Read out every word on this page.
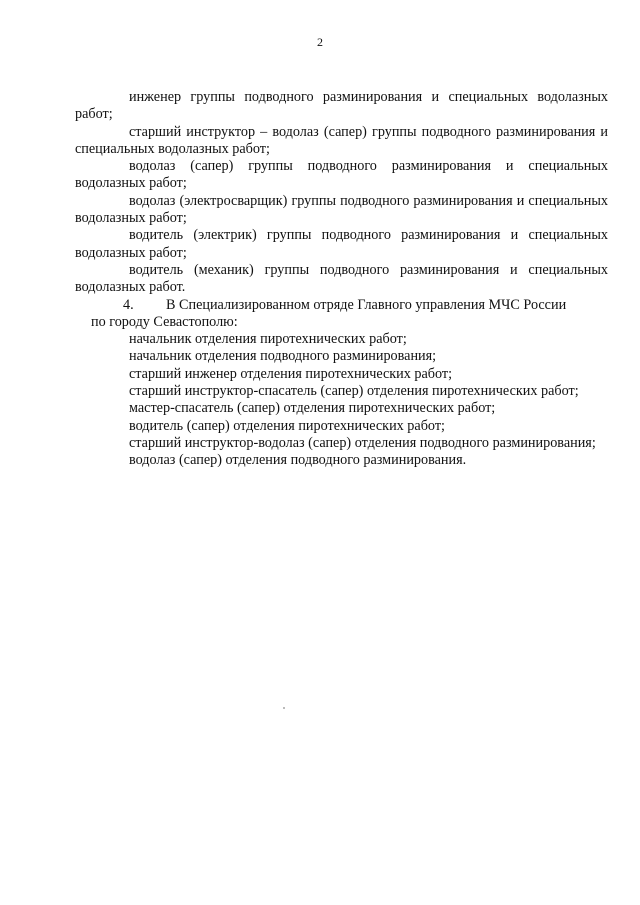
2

инженер группы подводного разминирования и специальных водолазных работ;

старший инструктор – водолаз (сапер) группы подводного разминирования и специальных водолазных работ;

водолаз (сапер) группы подводного разминирования и специальных водолазных работ;

водолаз (электросварщик) группы подводного разминирования и специальных водолазных работ;

водитель (электрик) группы подводного разминирования и специальных водолазных работ;

водитель (механик) группы подводного разминирования и специальных водолазных работ.

4. В Специализированном отряде Главного управления МЧС России
по городу Севастополю:

начальник отделения пиротехнических работ;

начальник отделения подводного разминирования;

старший инженер отделения пиротехнических работ;

старший инструктор-спасатель (сапер) отделения пиротехнических работ;

мастер-спасатель (сапер) отделения пиротехнических работ;

водитель (сапер) отделения пиротехнических работ;

старший инструктор-водолаз (сапер) отделения подводного разминирования;

водолаз (сапер) отделения подводного разминирования.
